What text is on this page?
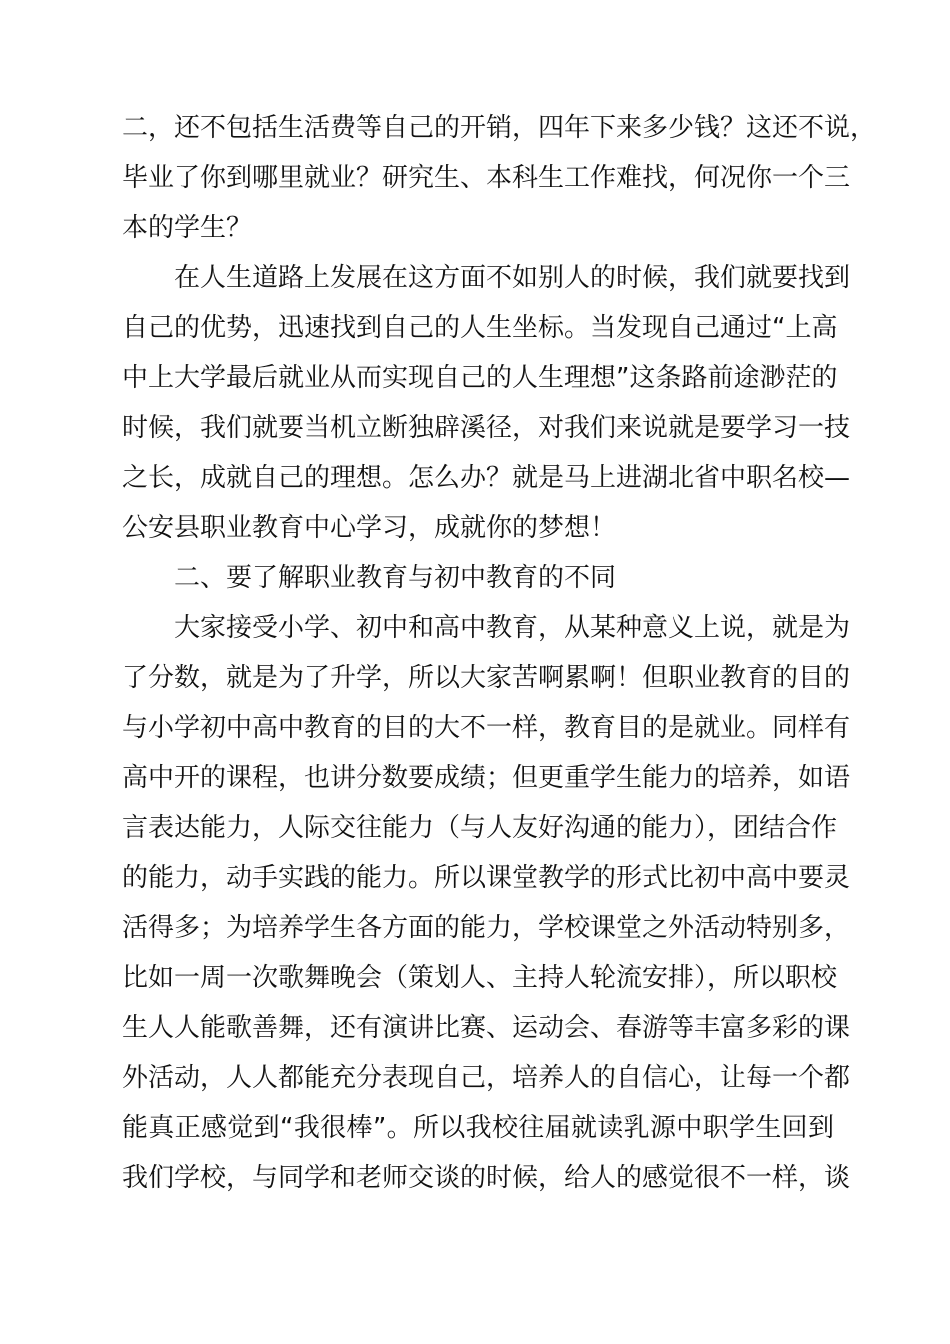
二，还不包括生活费等自己的开销，四年下来多少钱？这还不说，
毕业了你到哪里就业？研究生、本科生工作难找，何况你一个三
本的学生？
在人生道路上发展在这方面不如别人的时候，我们就要找到
自己的优势，迅速找到自己的人生坐标。当发现自己通过“上高
中上大学最后就业从而实现自己的人生理想”这条路前途渺茫的
时候，我们就要当机立断独辟溪径，对我们来说就是要学习一技
之长，成就自己的理想。怎么办？就是马上进湖北省中职名校—
公安县职业教育中心学习，成就你的梦想！
二、要了解职业教育与初中教育的不同
大家接受小学、初中和高中教育，从某种意义上说，就是为
了分数，就是为了升学，所以大家苦啊累啊！但职业教育的目的
与小学初中高中教育的目的大不一样，教育目的是就业。同样有
高中开的课程，也讲分数要成绩；但更重学生能力的培养，如语
言表达能力，人际交往能力（与人友好沟通的能力），团结合作
的能力，动手实践的能力。所以课堂教学的形式比初中高中要灵
活得多；为培养学生各方面的能力，学校课堂之外活动特别多，
比如一周一次歌舞晚会（策划人、主持人轮流安排），所以职校
生人人能歌善舞，还有演讲比赛、运动会、春游等丰富多彩的课
外活动，人人都能充分表现自己，培养人的自信心，让每一个都
能真正感觉到“我很棒”。所以我校往届就读乳源中职学生回到
我们学校，与同学和老师交谈的时候，给人的感觉很不一样，谈
